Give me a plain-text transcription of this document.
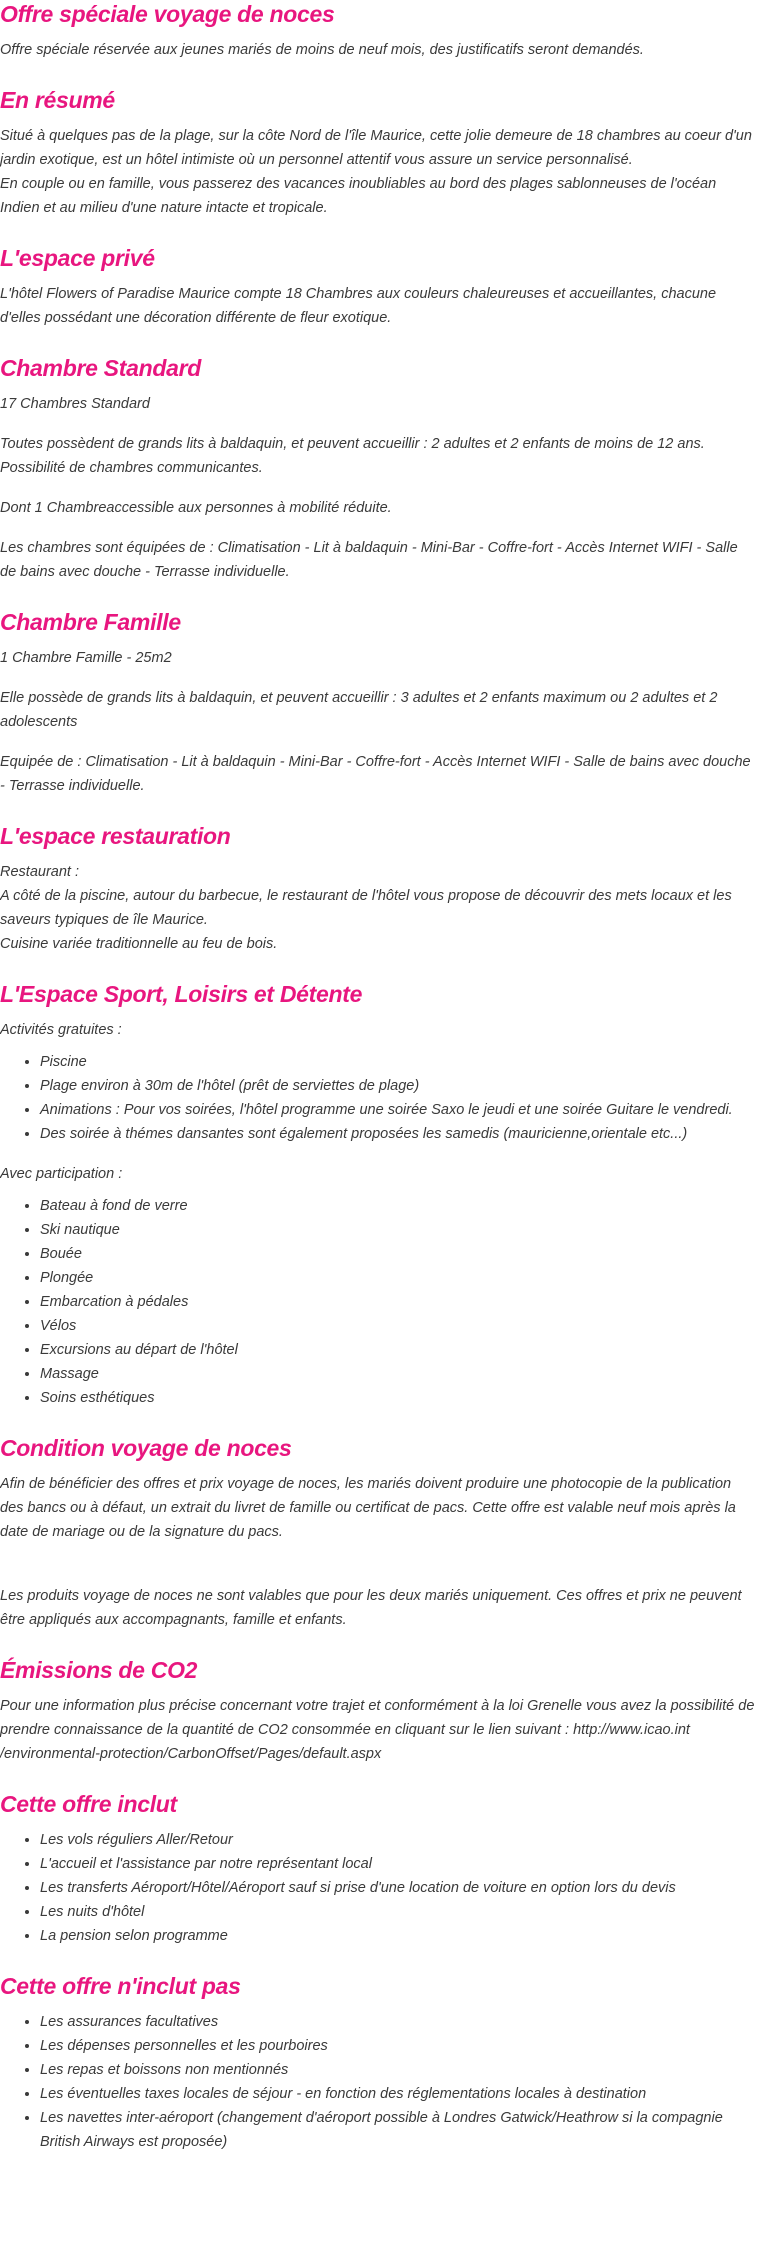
Offre spéciale voyage de noces

Offre spéciale réservée aux jeunes mariés de moins de neuf mois, des justificatifs seront demandés.

En résumé

Situé à quelques pas de la plage, sur la côte Nord de l'île Maurice, cette jolie demeure de 18 chambres au coeur d'un jardin exotique, est un hôtel intimiste où un personnel attentif vous assure un service personnalisé.

En couple ou en famille, vous passerez des vacances inoubliables au bord des plages sablonneuses de l'océan Indien et au milieu d'une nature intacte et tropicale.

L'espace privé

L'hôtel Flowers of Paradise Maurice compte 18 Chambres aux couleurs chaleureuses et accueillantes, chacune d'elles possédant une décoration différente de fleur exotique.

Chambre Standard

17 Chambres Standard

Toutes possèdent de grands lits à baldaquin, et peuvent accueillir : 2 adultes et 2 enfants de moins de 12 ans. Possibilité de chambres communicantes.

Dont 1 Chambreaccessible aux personnes à mobilité réduite.

Les chambres sont équipées de : Climatisation - Lit à baldaquin - Mini-Bar - Coffre-fort - Accès Internet WIFI - Salle de bains avec douche - Terrasse individuelle.

Chambre Famille

1 Chambre Famille - 25m2

Elle possède de grands lits à baldaquin, et peuvent accueillir : 3 adultes et 2 enfants maximum ou 2 adultes et 2 adolescents

Equipée de : Climatisation - Lit à baldaquin - Mini-Bar - Coffre-fort - Accès Internet WIFI - Salle de bains avec douche - Terrasse individuelle.

L'espace restauration

Restaurant :

A côté de la piscine, autour du barbecue, le restaurant de l'hôtel vous propose de découvrir des mets locaux et les saveurs typiques de île Maurice.

Cuisine variée traditionnelle au feu de bois.

L'Espace Sport, Loisirs et Détente

Activités gratuites :

• Piscine
• Plage environ à 30m de l'hôtel (prêt de serviettes de plage)
• Animations : Pour vos soirées, l'hôtel programme une soirée Saxo le jeudi et une soirée Guitare le vendredi.
• Des soirée à thémes dansantes sont également proposées les samedis (mauricienne,orientale etc...)

Avec participation :

• Bateau à fond de verre
• Ski nautique
• Bouée
• Plongée
• Embarcation à pédales
• Vélos
• Excursions au départ de l'hôtel
• Massage
• Soins esthétiques
Condition voyage de noces

Afin de bénéficier des offres et prix voyage de noces, les mariés doivent produire une photocopie de la publication des bancs ou à défaut, un extrait du livret de famille ou certificat de pacs. Cette offre est valable neuf mois après la date de mariage ou de la signature du pacs.

Les produits voyage de noces ne sont valables que pour les deux mariés uniquement. Ces offres et prix ne peuvent être appliqués aux accompagnants, famille et enfants.

Émissions de CO2

Pour une information plus précise concernant votre trajet et conformément à la loi Grenelle vous avez la possibilité de prendre connaissance de la quantité de CO2 consommée en cliquant sur le lien suivant : http://www.icao.int /environmental-protection/CarbonOffset/Pages/default.aspx

Cette offre inclut
• Les vols réguliers Aller/Retour
• L'accueil et l'assistance par notre représentant local
• Les transferts Aéroport/Hôtel/Aéroport sauf si prise d'une location de voiture en option lors du devis
• Les nuits d'hôtel
• La pension selon programme
Cette offre n'inclut pas
• Les assurances facultatives
• Les dépenses personnelles et les pourboires
• Les repas et boissons non mentionnés
• Les éventuelles taxes locales de séjour - en fonction des réglementations locales à destination
• Les navettes inter-aéroport (changement d'aéroport possible à Londres Gatwick/Heathrow si la compagnie British Airways est proposée)
